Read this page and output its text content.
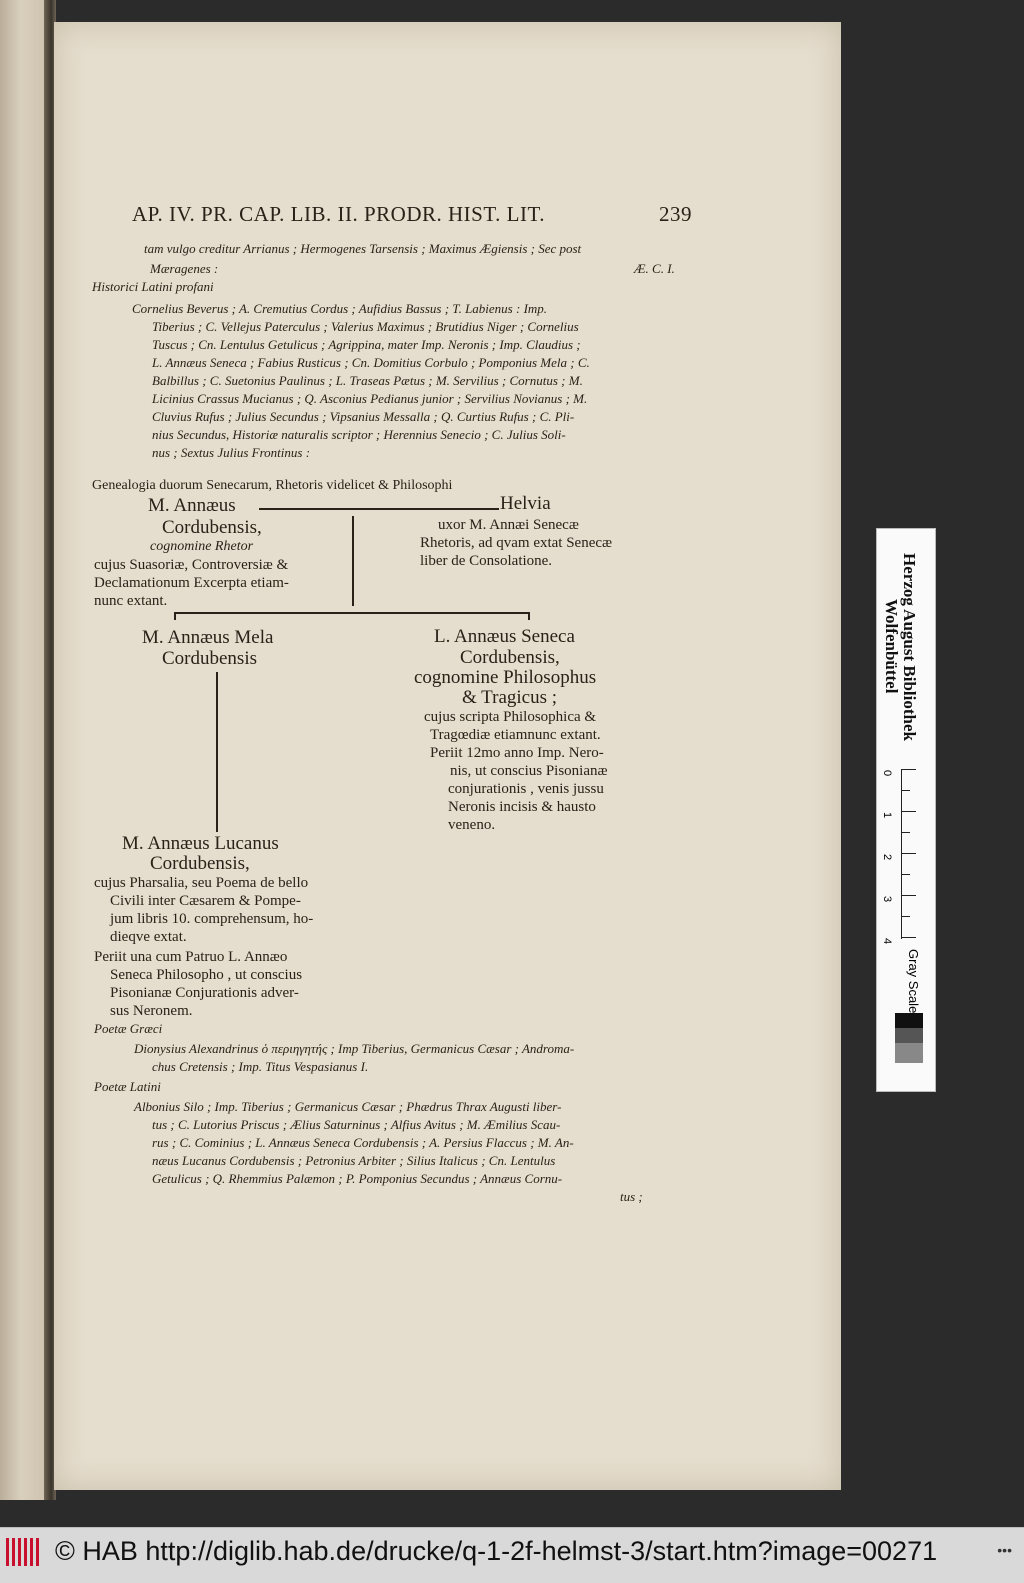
AP. IV. PR. CAP. LIB. II. PRODR. HIST. LIT.	239
tam vulgo creditur Arrianus ; Hermogenes Tarsensis ; Maximus Ægiensis ; Sec post
Mæragenes :	Æ. C. I.
Historici Latini profani
Cornelius Beverus ; A. Cremutius Cordus ; Aufidius Bassus ; T. Labienus : Imp.
Tiberius ; C. Vellejus Paterculus ; Valerius Maximus ; Brutidius Niger ; Cornelius
Tuscus ; Cn. Lentulus Getulicus ; Agrippina, mater Imp. Neronis ; Imp. Claudius ;
L. Annæus Seneca ; Fabius Rusticus ; Cn. Domitius Corbulo ; Pomponius Mela ; C.
Balbillus ; C. Suetonius Paulinus ; L. Traseas Pætus ; M. Servilius ; Cornutus ; M.
Licinius Crassus Mucianus ; Q. Asconius Pedianus junior ; Servilius Novianus ; M.
Cluvius Rufus ; Julius Secundus ; Vipsanius Messalla ; Q. Curtius Rufus ; C. Pli-
nius Secundus, Historiæ naturalis scriptor ; Herennius Senecio ; C. Julius Soli-
nus ; Sextus Julius Frontinus :
Genealogia duorum Senecarum, Rhetoris videlicet & Philosophi
M. Annæus	Helvia
Cordubensis,
cognomine Rhetor
cujus Suasoriæ, Controversiæ &
Declamationum Excerpta etiam-
nunc extant.
uxor M. Annæi Senecæ
Rhetoris, ad qvam extat Senecæ
liber de Consolatione.
M. Annæus Mela
Cordubensis
L. Annæus Seneca
Cordubensis,
cognomine Philosophus
& Tragicus ;
cujus scripta Philosophica &
Tragœdiæ etiamnunc extant.
Periit 12mo anno Imp. Nero-
nis, ut conscius Pisonianæ
conjurationis , venis jussu
Neronis incisis & hausto
veneno.
M. Annæus Lucanus
Cordubensis,
cujus Pharsalia, seu Poema de bello
Civili inter Cæsarem & Pompe-
jum libris 10. comprehensum, ho-
dieqve extat.
Periit una cum Patruo L. Annæo
Seneca Philosopho , ut conscius
Pisonianæ Conjurationis adver-
sus Neronem.
Poetæ Græci
Dionysius Alexandrinus ὁ περιηγητής ; Imp Tiberius, Germanicus Cæsar ; Androma-
chus Cretensis ; Imp. Titus Vespasianus I.
Poetæ Latini
Albonius Silo ; Imp. Tiberius ; Germanicus Cæsar ; Phædrus Thrax Augusti liber-
tus ; C. Lutorius Priscus ; Ælius Saturninus ; Alfius Avitus ; M. Æmilius Scau-
rus ; C. Cominius ; L. Annæus Seneca Cordubensis ; A. Persius Flaccus ; M. An-
næus Lucanus Cordubensis ; Petronius Arbiter ; Silius Italicus ; Cn. Lentulus
Getulicus ; Q. Rhemmius Palæmon ; P. Pomponius Secundus ; Annæus Cornu-
tus ;
Herzog August Bibliothek
Wolfenbüttel
0
1
2
3
4
Gray Scale
© HAB http://diglib.hab.de/drucke/q-1-2f-helmst-3/start.htm?image=00271	•••
